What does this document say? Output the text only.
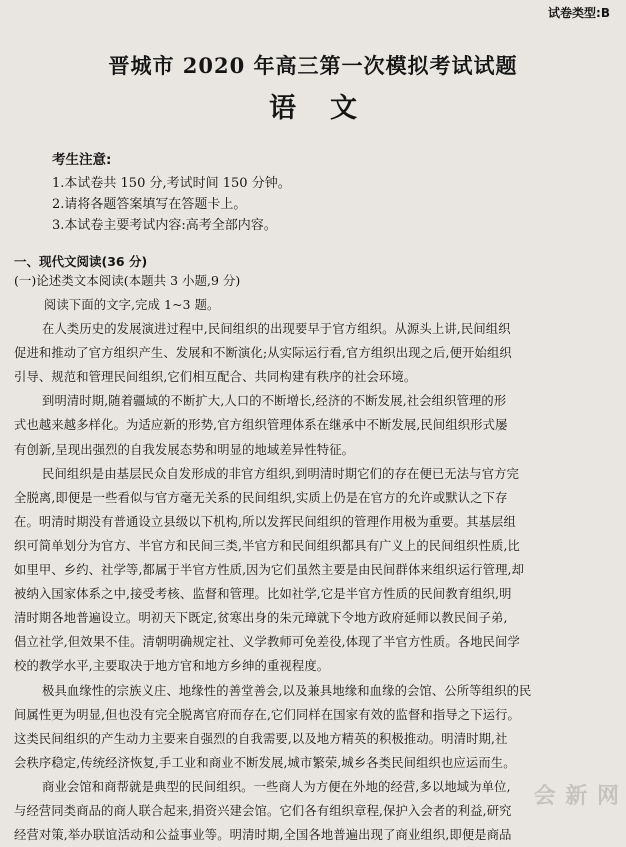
试卷类型:B
晋城市 2020 年高三第一次模拟考试试题
语文
考生注意:
1.本试卷共 150 分,考试时间 150 分钟。
2.请将各题答案填写在答题卡上。
3.本试卷主要考试内容:高考全部内容。
一、现代文阅读(36 分)
(一)论述类文本阅读(本题共 3 小题,9 分)
阅读下面的文字,完成 1~3 题。
在人类历史的发展演进过程中,民间组织的出现要早于官方组织。从源头上讲,民间组织
促进和推动了官方组织产生、发展和不断演化;从实际运行看,官方组织出现之后,便开始组织
引导、规范和管理民间组织,它们相互配合、共同构建有秩序的社会环境。
到明清时期,随着疆域的不断扩大,人口的不断增长,经济的不断发展,社会组织管理的形
式也越来越多样化。为适应新的形势,官方组织管理体系在继承中不断发展,民间组织形式屡
有创新,呈现出强烈的自我发展态势和明显的地域差异性特征。
民间组织是由基层民众自发形成的非官方组织,到明清时期它们的存在便已无法与官方完
全脱离,即便是一些看似与官方毫无关系的民间组织,实质上仍是在官方的允许或默认之下存
在。明清时期没有普通设立县级以下机构,所以发挥民间组织的管理作用极为重要。其基层组
织可简单划分为官方、半官方和民间三类,半官方和民间组织都具有广义上的民间组织性质,比
如里甲、乡约、社学等,都属于半官方性质,因为它们虽然主要是由民间群体来组织运行管理,却
被纳入国家体系之中,接受考核、监督和管理。比如社学,它是半官方性质的民间教育组织,明
清时期各地普遍设立。明初天下既定,贫寒出身的朱元璋就下令地方政府延师以教民间子弟,
倡立社学,但效果不佳。清朝明确规定社、义学教师可免差役,体现了半官方性质。各地民间学
校的教学水平,主要取决于地方官和地方乡绅的重视程度。
极具血缘性的宗族义庄、地缘性的善堂善会,以及兼具地缘和血缘的会馆、公所等组织的民
间属性更为明显,但也没有完全脱离官府而存在,它们同样在国家有效的监督和指导之下运行。
这类民间组织的产生动力主要来自强烈的自我需要,以及地方精英的积极推动。明清时期,社
会秩序稳定,传统经济恢复,手工业和商业不断发展,城市繁荣,城乡各类民间组织也应运而生。
商业会馆和商帮就是典型的民间组织。一些商人为方便在外地的经营,多以地域为单位,
与经营同类商品的商人联合起来,捐资兴建会馆。它们各有组织章程,保护入会者的利益,研究
经营对策,举办联谊活动和公益事业等。明清时期,全国各地普遍出现了商业组织,即便是商品
会 新 网
